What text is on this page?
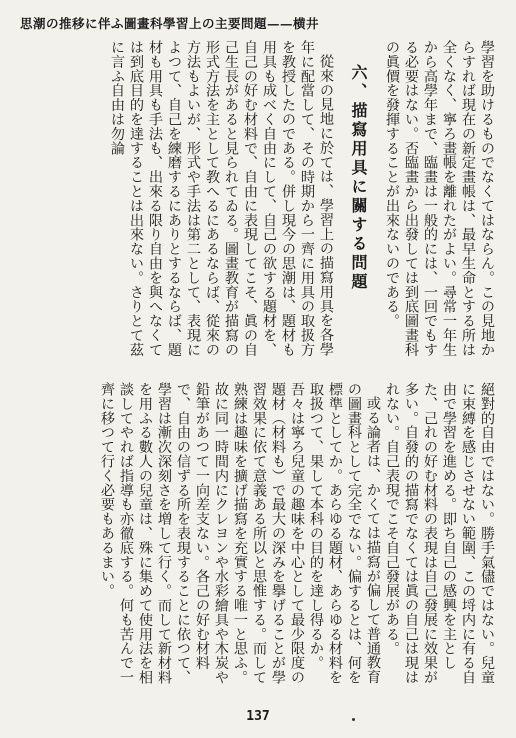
思潮の推移に伴ふ圖畫科學習上の主要問題——横井

學習を助けるものでなくてはならん。この見地からすれば現在の新定畫帳は、最早生命とする所は全くなく、寧ろ畫帳を離れたがよい。尋常一年生から高學年まで、臨畫は一般的には、一回でもする必要はない。否臨畫から出發しては到底圖畫科の眞價を發揮することが出來ないのである。

六、描寫用具に關する問題

從來の見地に於ては、學習上の描寫用具を各學年に配當して、その時期から一齊に用具の取扱方を教授したのである。併し現今の思潮は、題材も用具も成べく自由にして、自己の欲する題材を、自己の好む材料で、自由に表現してこそ、眞の自己生長があると見られてゐる。圖畫教育が描寫の形式方法を主として教へるにあるならば、從來の方法もよいが、形式や手法は第二として、表現によつて、自己を練磨するにありとするならば、題材も用具も手法も、出來る限り自由を與へなくては到底目的を達することは出來ない。さりとて茲に言ふ自由は勿論

絕對的自由ではない。勝手氣儘ではない。兒童に束縛を感じさせない範圍、この埒内に有る自由で學習を進める。即ち自己の感興を主とした、己れの好む材料の表現は自己發展に效果が多い。自發的の描寫でなくては眞の自己は現はれない。自己表現でこそ自己發展がある。

或る論者は、かくては描寫が偏して普通教育の圖畫科として完全でない。偏するとは、何を標準としてか。あらゆる題材、あらゆる材料を取扱つて、果して本科の目的を達し得るか。吾々は寧ろ兒童の趣味を中心として最少限度の題材（材料も）で最大の深みを擧げることが學習效果に依て意義ある所以と思惟する。而して熟練は趣味を擴げ描寫を充實する唯一と思ふ。故に同一時間内にクレヨンや水彩繪具や木炭や鉛筆があつて一向差支ない。各己の好む材料で、自由の信ずる所を表現することに依つて、學習は漸次深刻さを増して行く。而して新材料を用ふる數人の兒童は、殊に集めて使用法を相談してやれば指導も亦徹底する。何も苦んで一齊に移つて行く必要もあるまい。

137
